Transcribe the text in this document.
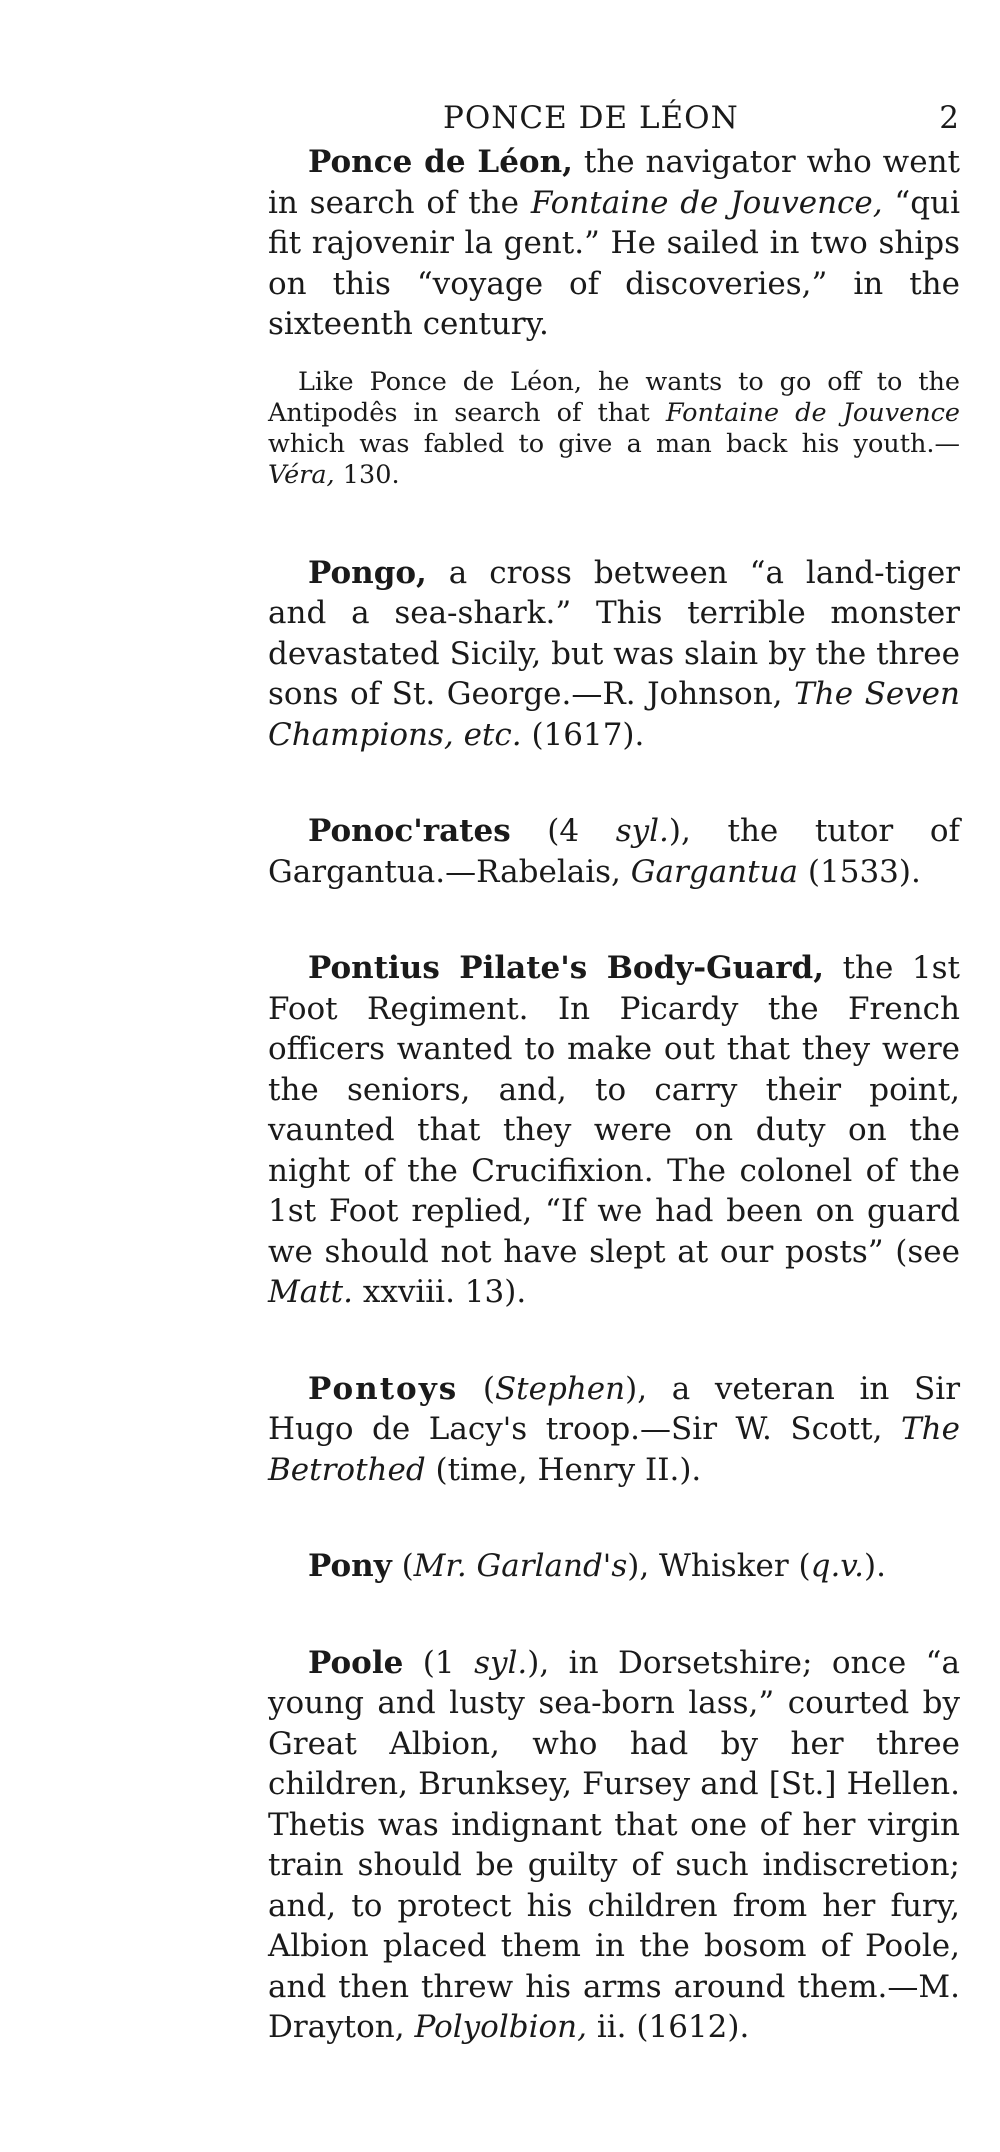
PONCE DE LÉON	2

Ponce de Léon, the navigator who went in search of the Fontaine de Jouvence, “qui fit rajovenir la gent.” He sailed in two ships on this “voyage of discoveries,” in the sixteenth century.

Like Ponce de Léon, he wants to go off to the Antipodês in search of that Fontaine de Jouvence which was fabled to give a man back his youth.—Véra, 130.

Pongo, a cross between “a land-tiger and a sea-shark.” This terrible monster devastated Sicily, but was slain by the three sons of St. George.—R. Johnson, The Seven Champions, etc. (1617).

Ponoc'rates (4 syl.), the tutor of Gargantua.—Rabelais, Gargantua (1533).

Pontius Pilate's Body-Guard, the 1st Foot Regiment. In Picardy the French officers wanted to make out that they were the seniors, and, to carry their point, vaunted that they were on duty on the night of the Crucifixion. The colonel of the 1st Foot replied, “If we had been on guard we should not have slept at our posts” (see Matt. xxviii. 13).

Pontoys (Stephen), a veteran in Sir Hugo de Lacy's troop.—Sir W. Scott, The Betrothed (time, Henry II.).

Pony (Mr. Garland's), Whisker (q.v.).

Poole (1 syl.), in Dorsetshire; once “a young and lusty sea-born lass,” courted by Great Albion, who had by her three children, Brunksey, Fursey and [St.] Hellen. Thetis was indignant that one of her virgin train should be guilty of such indiscretion; and, to protect his children from her fury, Albion placed them in the bosom of Poole, and then threw his arms around them.—M. Drayton, Polyolbion, ii. (1612).
